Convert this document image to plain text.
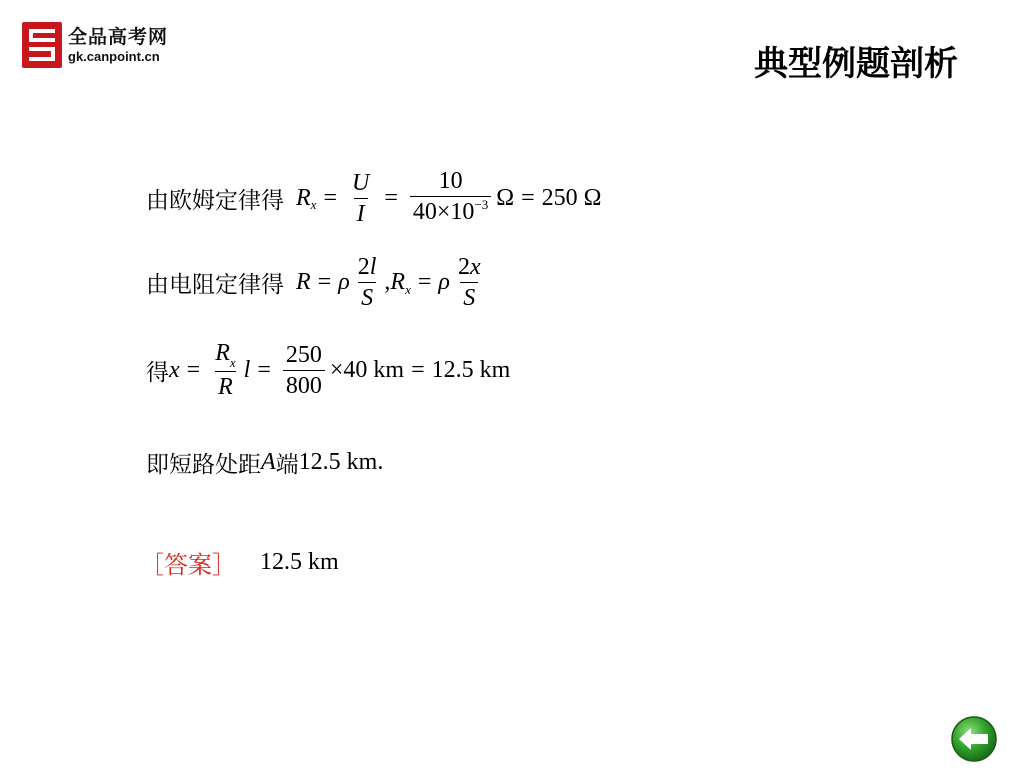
全品高考网
gk.canpoint.cn	典型例题剖析
由欧姆定律得 R $x = \frac{U}{I} = \frac{10}{40\times 10^{-3}}$ Ω = 250 Ω
由电阻定律得 R = ρ $\frac{2l}{S}$ , R x = ρ $\frac{2x}{S}$
得 $x = \frac{R_x}{R}$ $l = \frac{250}{800} \times 40$ km = 12.5 km
即短路处距 A 端 12.5 km.
［答案］ 12.5 km
